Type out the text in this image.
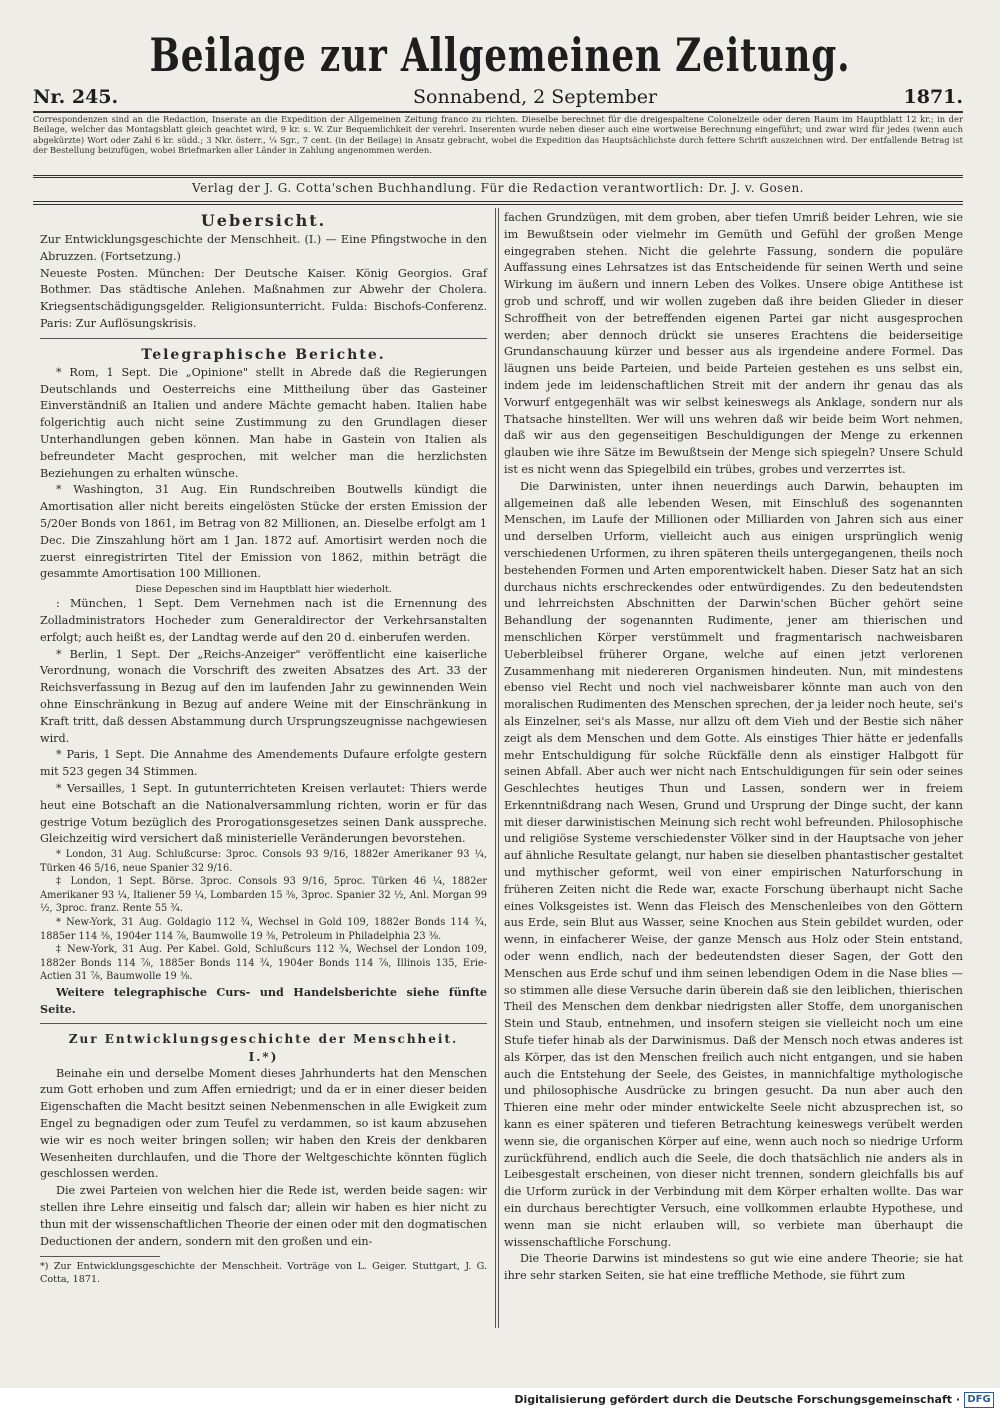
Beilage zur Allgemeinen Zeitung.
Nr. 245.	Sonnabend, 2 September	1871.
Correspondenzen sind an die Redaction, Inserate an die Expedition der Allgemeinen Zeitung franco zu richten. Dieselbe berechnet für die dreigespaltene Colonelzeile oder deren Raum im Hauptblatt 12 kr.; in der Beilage, welcher das Montagsblatt gleich geachtet wird, 9 kr. s. W. Zur Bequemlichkeit der verehrl. Inserenten wurde neben dieser auch eine wortweise Berechnung eingeführt; und zwar wird für jedes (wenn auch abgekürzte) Wort oder Zahl 6 kr. südd.; 3 Nkr. österr., ¼ Sgr., 7 cent. (in der Beilage) in Ansatz gebracht, wobei die Expedition das Hauptsächlichste durch fettere Schrift auszeichnen wird. Der entfallende Betrag ist der Bestellung beizufügen, wobei Briefmarken aller Länder in Zahlung angenommen werden.
Verlag der J. G. Cotta'schen Buchhandlung. Für die Redaction verantwortlich: Dr. J. v. Gosen.

Uebersicht.

Zur Entwicklungsgeschichte der Menschheit. (I.) — Eine Pfingstwoche in den Abruzzen. (Fortsetzung.)

Neueste Posten. München: Der Deutsche Kaiser. König Georgios. Graf Bothmer. Das städtische Anlehen. Maßnahmen zur Abwehr der Cholera. Kriegsentschädigungsgelder. Religionsunterricht. Fulda: Bischofs-Conferenz. Paris: Zur Auflösungskrisis.

Telegraphische Berichte.

* Rom, 1 Sept. Die „Opinione" stellt in Abrede daß die Regierungen Deutschlands und Oesterreichs eine Mittheilung über das Gasteiner Einverständniß an Italien und andere Mächte gemacht haben. Italien habe folgerichtig auch nicht seine Zustimmung zu den Grundlagen dieser Unterhandlungen geben können. Man habe in Gastein von Italien als befreundeter Macht gesprochen, mit welcher man die herzlichsten Beziehungen zu erhalten wünsche.

* Washington, 31 Aug. Ein Rundschreiben Boutwells kündigt die Amortisation aller nicht bereits eingelösten Stücke der ersten Emission der 5/20er Bonds von 1861, im Betrag von 82 Millionen, an. Dieselbe erfolgt am 1 Dec. Die Zinszahlung hört am 1 Jan. 1872 auf. Amortisirt werden noch die zuerst einregistrirten Titel der Emission von 1862, mithin beträgt die gesammte Amortisation 100 Millionen.

Diese Depeschen sind im Hauptblatt hier wiederholt.

: München, 1 Sept. Dem Vernehmen nach ist die Ernennung des Zolladministrators Hocheder zum Generaldirector der Verkehrsanstalten erfolgt; auch heißt es, der Landtag werde auf den 20 d. einberufen werden.

* Berlin, 1 Sept. Der „Reichs-Anzeiger" veröffentlicht eine kaiserliche Verordnung, wonach die Vorschrift des zweiten Absatzes des Art. 33 der Reichsverfassung in Bezug auf den im laufenden Jahr zu gewinnenden Wein ohne Einschränkung in Bezug auf andere Weine mit der Einschränkung in Kraft tritt, daß dessen Abstammung durch Ursprungszeugnisse nachgewiesen wird.

* Paris, 1 Sept. Die Annahme des Amendements Dufaure erfolgte gestern mit 523 gegen 34 Stimmen.

* Versailles, 1 Sept. In gutunterrichteten Kreisen verlautet: Thiers werde heut eine Botschaft an die Nationalversammlung richten, worin er für das gestrige Votum bezüglich des Prorogationsgesetzes seinen Dank ausspreche. Gleichzeitig wird versichert daß ministerielle Veränderungen bevorstehen.

* London, 31 Aug. Schlußcurse: 3proc. Consols 93 9/16, 1882er Amerikaner 93 ¼, Türken 46 5/16, neue Spanier 32 9/16.

‡ London, 1 Sept. Börse. 3proc. Consols 93 9/16, 5proc. Türken 46 ¼, 1882er Amerikaner 93 ¼, Italiener 59 ¼, Lombarden 15 ⅜, 3proc. Spanier 32 ½, Anl. Morgan 99 ½, 3proc. franz. Rente 55 ¾.

* New-York, 31 Aug. Goldagio 112 ¾, Wechsel in Gold 109, 1882er Bonds 114 ¾, 1885er 114 ⅜, 1904er 114 ⅞, Baumwolle 19 ⅜, Petroleum in Philadelphia 23 ⅜.

‡ New-York, 31 Aug. Per Kabel. Gold, Schlußcurs 112 ¾, Wechsel der London 109, 1882er Bonds 114 ⅞, 1885er Bonds 114 ¾, 1904er Bonds 114 ⅞, Illinois 135, Erie-Actien 31 ⅞, Baumwolle 19 ⅜.

Weitere telegraphische Curs- und Handelsberichte siehe fünfte Seite.

Zur Entwicklungsgeschichte der Menschheit.

I.*)

Beinahe ein und derselbe Moment dieses Jahrhunderts hat den Menschen zum Gott erhoben und zum Affen erniedrigt; und da er in einer dieser beiden Eigenschaften die Macht besitzt seinen Nebenmenschen in alle Ewigkeit zum Engel zu begnadigen oder zum Teufel zu verdammen, so ist kaum abzusehen wie wir es noch weiter bringen sollen; wir haben den Kreis der denkbaren Wesenheiten durchlaufen, und die Thore der Weltgeschichte könnten füglich geschlossen werden.

Die zwei Parteien von welchen hier die Rede ist, werden beide sagen: wir stellen ihre Lehre einseitig und falsch dar; allein wir haben es hier nicht zu thun mit der wissenschaftlichen Theorie der einen oder mit den dogmatischen Deductionen der andern, sondern mit den großen und ein-

*) Zur Entwicklungsgeschichte der Menschheit. Vorträge von L. Geiger. Stuttgart, J. G. Cotta, 1871.

fachen Grundzügen, mit dem groben, aber tiefen Umriß beider Lehren, wie sie im Bewußtsein oder vielmehr im Gemüth und Gefühl der großen Menge eingegraben stehen. Nicht die gelehrte Fassung, sondern die populäre Auffassung eines Lehrsatzes ist das Entscheidende für seinen Werth und seine Wirkung im äußern und innern Leben des Volkes. Unsere obige Antithese ist grob und schroff, und wir wollen zugeben daß ihre beiden Glieder in dieser Schroffheit von der betreffenden eigenen Partei gar nicht ausgesprochen werden; aber dennoch drückt sie unseres Erachtens die beiderseitige Grundanschauung kürzer und besser aus als irgendeine andere Formel. Das läugnen uns beide Parteien, und beide Parteien gestehen es uns selbst ein, indem jede im leidenschaftlichen Streit mit der andern ihr genau das als Vorwurf entgegenhält was wir selbst keineswegs als Anklage, sondern nur als Thatsache hinstellten. Wer will uns wehren daß wir beide beim Wort nehmen, daß wir aus den gegenseitigen Beschuldigungen der Menge zu erkennen glauben wie ihre Sätze im Bewußtsein der Menge sich spiegeln? Unsere Schuld ist es nicht wenn das Spiegelbild ein trübes, grobes und verzerrtes ist.

Die Darwinisten, unter ihnen neuerdings auch Darwin, behaupten im allgemeinen daß alle lebenden Wesen, mit Einschluß des sogenannten Menschen, im Laufe der Millionen oder Milliarden von Jahren sich aus einer und derselben Urform, vielleicht auch aus einigen ursprünglich wenig verschiedenen Urformen, zu ihren späteren theils untergegangenen, theils noch bestehenden Formen und Arten emporentwickelt haben. Dieser Satz hat an sich durchaus nichts erschreckendes oder entwürdigendes. Zu den bedeutendsten und lehrreichsten Abschnitten der Darwin'schen Bücher gehört seine Behandlung der sogenannten Rudimente, jener am thierischen und menschlichen Körper verstümmelt und fragmentarisch nachweisbaren Ueberbleibsel früherer Organe, welche auf einen jetzt verlorenen Zusammenhang mit niedereren Organismen hindeuten. Nun, mit mindestens ebenso viel Recht und noch viel nachweisbarer könnte man auch von den moralischen Rudimenten des Menschen sprechen, der ja leider noch heute, sei's als Einzelner, sei's als Masse, nur allzu oft dem Vieh und der Bestie sich näher zeigt als dem Menschen und dem Gotte. Als einstiges Thier hätte er jedenfalls mehr Entschuldigung für solche Rückfälle denn als einstiger Halbgott für seinen Abfall. Aber auch wer nicht nach Entschuldigungen für sein oder seines Geschlechtes heutiges Thun und Lassen, sondern wer in freiem Erkenntnißdrang nach Wesen, Grund und Ursprung der Dinge sucht, der kann mit dieser darwinistischen Meinung sich recht wohl befreunden. Philosophische und religiöse Systeme verschiedenster Völker sind in der Hauptsache von jeher auf ähnliche Resultate gelangt, nur haben sie dieselben phantastischer gestaltet und mythischer geformt, weil von einer empirischen Naturforschung in früheren Zeiten nicht die Rede war, exacte Forschung überhaupt nicht Sache eines Volksgeistes ist. Wenn das Fleisch des Menschenleibes von den Göttern aus Erde, sein Blut aus Wasser, seine Knochen aus Stein gebildet wurden, oder wenn, in einfacherer Weise, der ganze Mensch aus Holz oder Stein entstand, oder wenn endlich, nach der bedeutendsten dieser Sagen, der Gott den Menschen aus Erde schuf und ihm seinen lebendigen Odem in die Nase blies — so stimmen alle diese Versuche darin überein daß sie den leiblichen, thierischen Theil des Menschen dem denkbar niedrigsten aller Stoffe, dem unorganischen Stein und Staub, entnehmen, und insofern steigen sie vielleicht noch um eine Stufe tiefer hinab als der Darwinismus. Daß der Mensch noch etwas anderes ist als Körper, das ist den Menschen freilich auch nicht entgangen, und sie haben auch die Entstehung der Seele, des Geistes, in mannichfaltige mythologische und philosophische Ausdrücke zu bringen gesucht. Da nun aber auch den Thieren eine mehr oder minder entwickelte Seele nicht abzusprechen ist, so kann es einer späteren und tieferen Betrachtung keineswegs verübelt werden wenn sie, die organischen Körper auf eine, wenn auch noch so niedrige Urform zurückführend, endlich auch die Seele, die doch thatsächlich nie anders als in Leibesgestalt erscheinen, von dieser nicht trennen, sondern gleichfalls bis auf die Urform zurück in der Verbindung mit dem Körper erhalten wollte. Das war ein durchaus berechtigter Versuch, eine vollkommen erlaubte Hypothese, und wenn man sie nicht erlauben will, so verbiete man überhaupt die wissenschaftliche Forschung.

Die Theorie Darwins ist mindestens so gut wie eine andere Theorie; sie hat ihre sehr starken Seiten, sie hat eine treffliche Methode, sie führt zum

Digitalisierung gefördert durch die Deutsche Forschungsgemeinschaft · DFG
